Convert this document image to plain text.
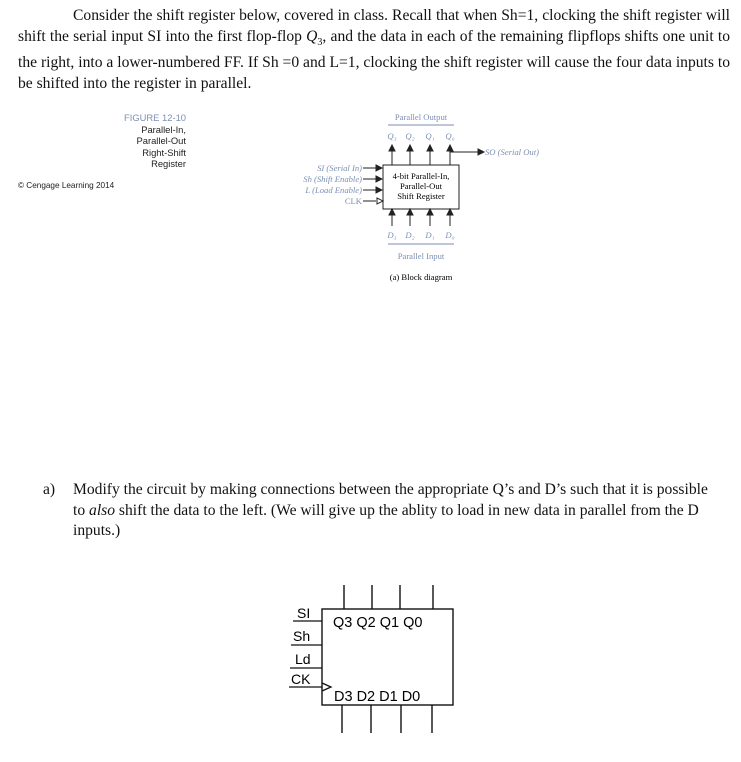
Consider the shift register below, covered in class. Recall that when Sh=1, clocking the shift register will shift the serial input SI into the first flop-flop $Q_3$, and the data in each of the remaining flipflops shifts one unit to the right, into a lower-numbered FF. If Sh =0 and L=1, clocking the shift register will cause the four data inputs to be shifted into the register in parallel.

FIGURE 12-10
Parallel-In,
Parallel-Out
Right-Shift
Register
© Cengage Learning 2014
Parallel Output
Q₃ Q₂ Q₁ Q₀
SO (Serial Out)
4-bit Parallel-In,
Parallel-Out
Shift Register
SI (Serial In)
Sh (Shift Enable)
L (Load Enable)
CLK
D₃ D₂ D₁ D₀
Parallel Input
(a) Block diagram
a) Modify the circuit by making connections between the appropriate Q’s and D’s such that it is possible to also shift the data to the left. (We will give up the ablity to load in new data in parallel from the D inputs.)
Q3 Q2 Q1 Q0
D3 D2 D1 D0
SI
Sh
Ld
CK
